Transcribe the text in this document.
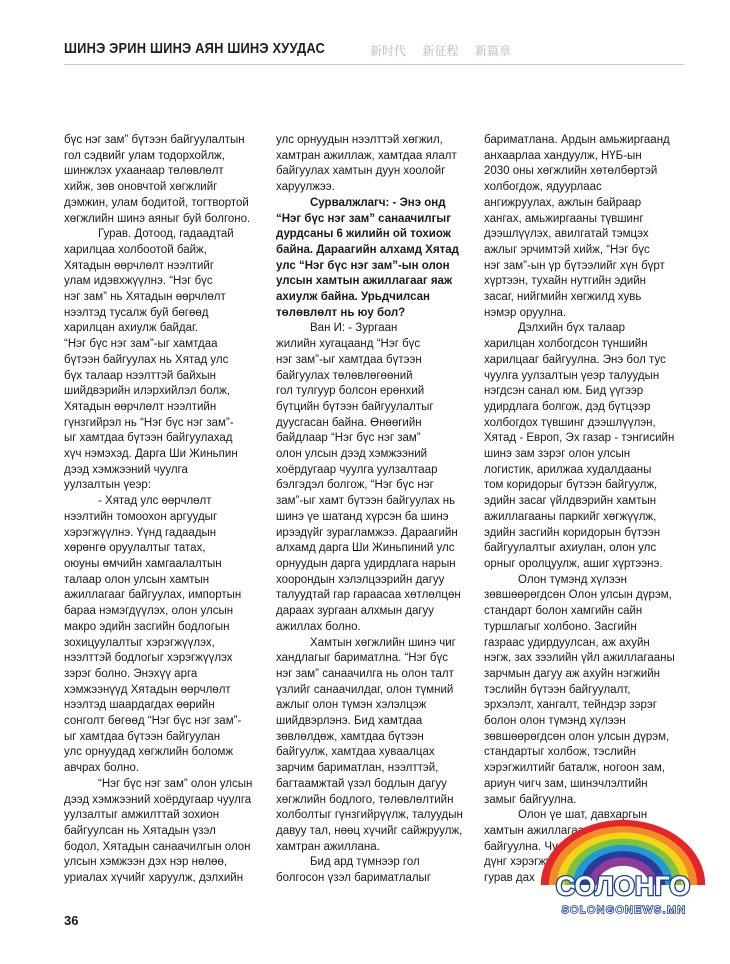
ШИНЭ ЭРИН ШИНЭ АЯН ШИНЭ ХУУДАС	新时代 新征程 新篇章

бүс нэг зам” бүтээн байгуулалтын
гол сэдвийг улам тодорхойлж,
шинжлэх ухаанаар төлөвлөлт
хийж, зөв оновчтой хөгжлийг
дэмжин, улам бодитой, тогтвортой
хөгжлийн шинэ аяныг буй болгоно.

Гурав. Дотоод, гадаадтай
харилцаа холбоотой байж,
Хятадын өөрчлөлт нээлтийг
улам идэвхжүүлнэ. “Нэг бүс
нэг зам” нь Хятадын өөрчлөлт
нээлтэд тусалж буй бөгөөд
харилцан ахиулж байдаг.
“Нэг бүс нэг зам”-ыг хамтдаа
бүтээн байгуулах нь Хятад улс
бүх талаар нээлттэй байхын
шийдвэрийн илэрхийлэл болж,
Хятадын өөрчлөлт нээлтийн
гүнзгийрэл нь “Нэг бүс нэг зам”-
ыг хамтдаа бүтээн байгуулахад
хүч нэмэхэд. Дарга Ши Жиньпин
дээд хэмжээний чуулга
уулзалтын үеэр:

- Хятад улс өөрчлөлт
нээлтийн томоохон аргуудыг
хэрэгжүүлнэ. Үүнд гадаадын
хөрөнгө оруулалтыг татах,
оюуны өмчийн хамгаалалтын
талаар олон улсын хамтын
ажиллагааг байгуулах, импортын
бараа нэмэгдүүлэх, олон улсын
макро эдийн засгийн бодлогын
зохицуулалтыг хэрэгжүүлэх,
нээлттэй бодлогыг хэрэгжүүлэх
зэрэг болно. Энэхүү арга
хэмжээнүүд Хятадын өөрчлөлт
нээлтэд шаардагдах өөрийн
сонголт бөгөөд “Нэг бүс нэг зам”-
ыг хамтдаа бүтээн байгуулан
улс орнуудад хөгжлийн боломж
авчрах болно.

“Нэг бүс нэг зам” олон улсын
дээд хэмжээний хоёрдугаар чуулга
уулзалтыг амжилттай зохион
байгуулсан нь Хятадын үзэл
бодол, Хятадын санаачилгын олон
улсын хэмжээн дэх нэр нөлөө,
уриалах хүчийг харуулж, дэлхийн

улс орнуудын нээлттэй хөгжил,
хамтран ажиллаж, хамтдаа ялалт
байгуулах хамтын дуун хоолойг
харуулжээ.

Сурвалжлагч: - Энэ онд
“Нэг бүс нэг зам” санаачилгыг
дурдсаны 6 жилийн ой тохиож
байна. Дараагийн алхамд Хятад
улс “Нэг бүс нэг зам”-ын олон
улсын хамтын ажиллагааг яаж
ахиулж байна. Урьдчилсан
төлөвлөлт нь юу бол?

Ван И: - Зургаан
жилийн хугацаанд “Нэг бүс
нэг зам”-ыг хамтдаа бүтээн
байгуулах төлөвлөгөөний
гол тулгуур болсон ерөнхий
бүтцийн бүтээн байгуулалтыг
дуусгасан байна. Өнөөгийн
байдлаар “Нэг бүс нэг зам”
олон улсын дээд хэмжээний
хоёрдугаар чуулга уулзалтаар
бэлгэдэл болгож, “Нэг бүс нэг
зам”-ыг хамт бүтээн байгуулах нь
шинэ үе шатанд хүрсэн ба шинэ
ирээдүйг зурагламжээ. Дараагийн
алхамд дарга Ши Жиньпиний улс
орнуудын дарга удирдлага нарын
хоорондын хэлэлцээрийн дагуу
талуудтай гар гараасаа хөтлөлцөн
дараах зургаан алхмын дагуу
ажиллах болно.

Хамтын хөгжлийн шинэ чиг
хандлагыг бариматлна. “Нэг бүс
нэг зам” санаачилга нь олон талт
үзлийг санаачилдаг, олон түмний
ажлыг олон түмэн хэлэлцэж
шийдвэрлэнэ. Бид хамтдаа
зөвлөлдөж, хамтдаа бүтээн
байгуулж, хамтдаа хуваалцах
зарчим бариматлан, нээлттэй,
багтаамжтай үзэл бодлын дагуу
хөгжлийн бодлого, төлөвлөлтийн
холболтыг гүнзгийрүүлж, талуудын
давуу тал, нөөц хүчийг сайжруулж,
хамтран ажиллана.

Бид ард түмнээр гол
болгосон үзэл бариматлалыг

бариматлана. Ардын амьжиргаанд
анхаарлаа хандуулж, НҮБ-ын
2030 оны хөгжлийн хөтөлбөртэй
холбогдож, ядуурлаас
ангижруулах, ажлын байраар
хангах, амьжиргааны түвшинг
дээшлүүлэх, авилгатай тэмцэх
ажлыг эрчимтэй хийж, “Нэг бүс
нэг зам”-ын үр бүтээлийг хүн бүрт
хүртээн, тухайн нутгийн эдийн
засаг, нийгмийн хөгжилд хувь
нэмэр оруулна.

Дэлхийн бүх талаар
харилцан холбогдсон түншийн
харилцааг байгуулна. Энэ бол тус
чуулга уулзалтын үеэр талуудын
нэгдсэн санал юм. Бид үүгээр
удирдлага болгож, дэд бүтцээр
холбогдох түвшинг дээшлүүлэн,
Хятад - Европ, Эх газар - тэнгисийн
шинэ зам зэрэг олон улсын
логистик, арилжаа худалдааны
том коридорыг бүтээн байгуулж,
эдийн засаг үйлдвэрийн хамтын
ажиллагааны паркийг хөгжүүлж,
эдийн засгийн коридорын бүтээн
байгуулалтыг ахиулан, олон улс
орныг оролцуулж, ашиг хүртээнэ.

Олон түмэнд хүлээн
зөвшөөрөгдсөн Олон улсын дүрэм,
стандарт болон хамгийн сайн
туршлагыг холбоно. Засгийн
газраас удирдуулсан, аж ахуйн
нэгж, зах зээлийн үйл ажиллагааны
зарчмын дагуу аж ахуйн нэгжийн
тэслийн бүтээн байгуулалт,
эрхэлэлт, хангалт, тейндэр зэрэг
болон олон түмэнд хүлээн
зөвшөөрөгдсөн олон улсын дүрэм,
стандартыг холбож, тэслийн
хэрэгжилтийг баталж, ногоон зам,
ариун чигч зам, шинэчлэлтийн
замыг байгуулна.

Олон үе шат, давхаргын
хамтын ажиллагаа
байгуулна. Чу
дүнг хэрэгжү дсэн д
гурав дах

36
СОЛОНГО
SOLONGONEWS.MN
